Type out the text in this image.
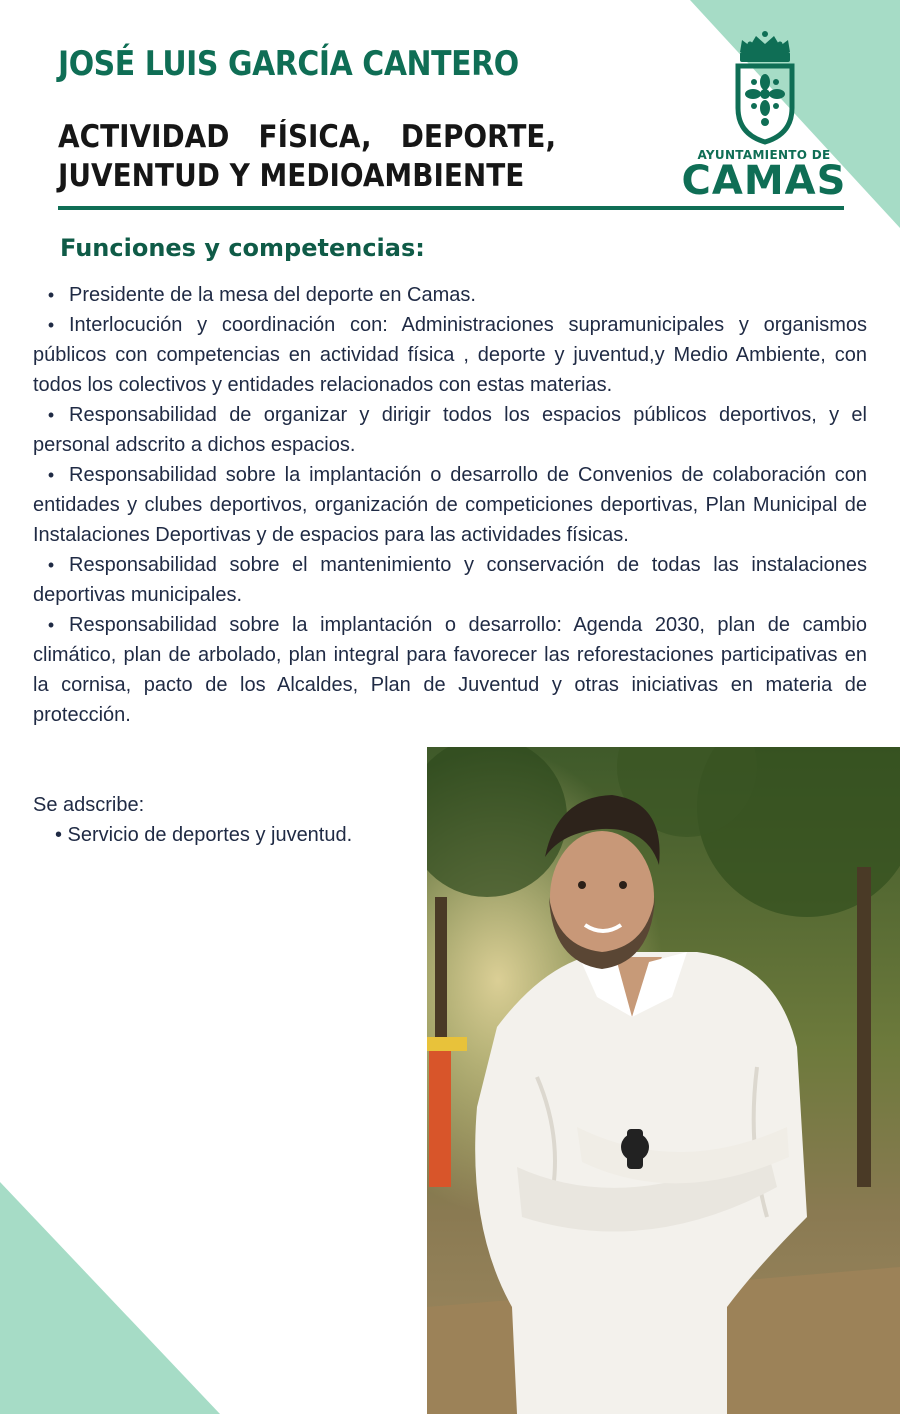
JOSÉ LUIS GARCÍA CANTERO
ACTIVIDAD   FÍSICA,   DEPORTE,
JUVENTUD Y MEDIOAMBIENTE
AYUNTAMIENTO DE
CAMAS
Funciones y competencias:
• Presidente de la mesa del deporte en Camas.
• Interlocución y coordinación con: Administraciones supramunicipales y organismos públicos con competencias en actividad física , deporte y juventud,y Medio Ambiente, con todos los colectivos y entidades relacionados con estas materias.
• Responsabilidad de organizar y dirigir todos los espacios públicos deportivos, y el personal adscrito a dichos espacios.
• Responsabilidad sobre la implantación o desarrollo de Convenios de colaboración con entidades y clubes deportivos, organización de competiciones deportivas, Plan Municipal de Instalaciones Deportivas y de espacios para las actividades físicas.
• Responsabilidad sobre el mantenimiento y conservación de todas las instalaciones deportivas municipales.
• Responsabilidad sobre la implantación o desarrollo: Agenda 2030, plan de cambio climático, plan de arbolado, plan integral para favorecer las reforestaciones participativas en la cornisa, pacto de los Alcaldes, Plan de Juventud y otras iniciativas en materia de protección.
Se adscribe:
• Servicio de deportes y juventud.
